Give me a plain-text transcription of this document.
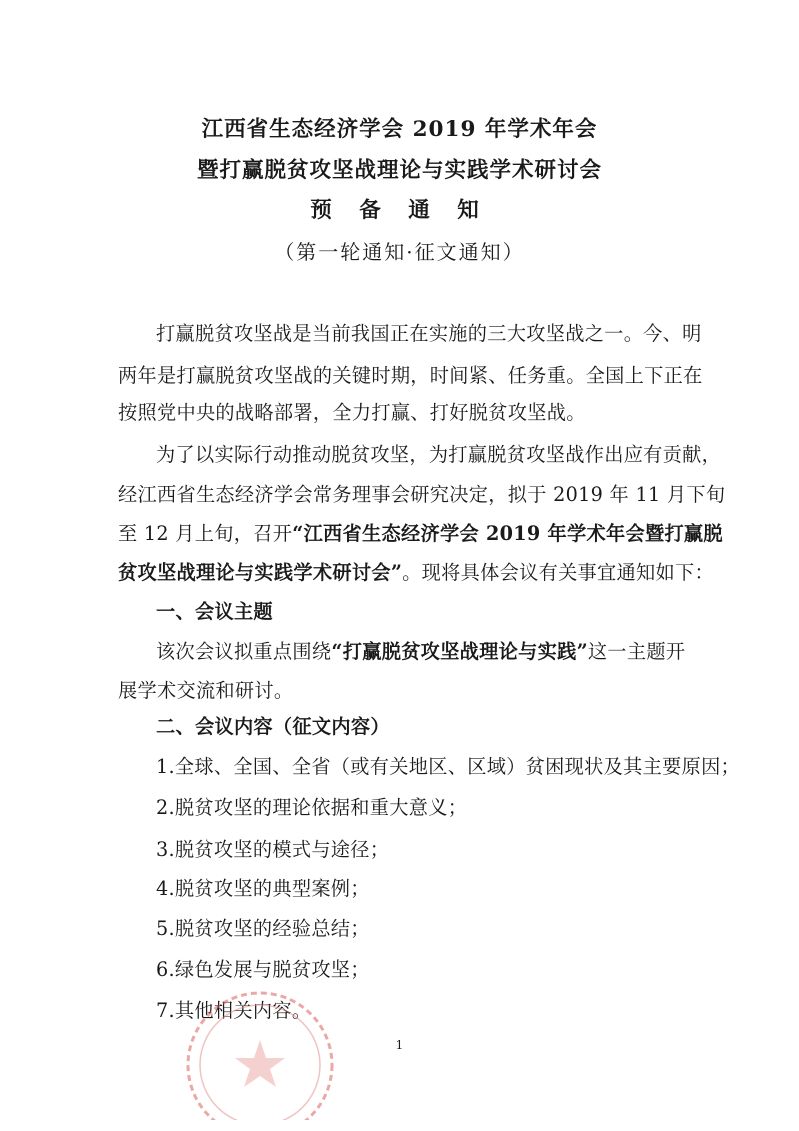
江西省生态经济学会 2019 年学术年会
暨打赢脱贫攻坚战理论与实践学术研讨会
预 备 通 知
（第一轮通知·征文通知）
打赢脱贫攻坚战是当前我国正在实施的三大攻坚战之一。今、明
两年是打赢脱贫攻坚战的关键时期，时间紧、任务重。全国上下正在
按照党中央的战略部署，全力打赢、打好脱贫攻坚战。
为了以实际行动推动脱贫攻坚，为打赢脱贫攻坚战作出应有贡献，
经江西省生态经济学会常务理事会研究决定，拟于 2019 年 11 月下旬
至 12 月上旬，召开“江西省生态经济学会 2019 年学术年会暨打赢脱
贫攻坚战理论与实践学术研讨会”。现将具体会议有关事宜通知如下：
一、会议主题
该次会议拟重点围绕“打赢脱贫攻坚战理论与实践”这一主题开
展学术交流和研讨。
二、会议内容（征文内容）
1.全球、全国、全省（或有关地区、区域）贫困现状及其主要原因；
2.脱贫攻坚的理论依据和重大意义；
3.脱贫攻坚的模式与途径；
4.脱贫攻坚的典型案例；
5.脱贫攻坚的经验总结；
6.绿色发展与脱贫攻坚；
7.其他相关内容。
1
